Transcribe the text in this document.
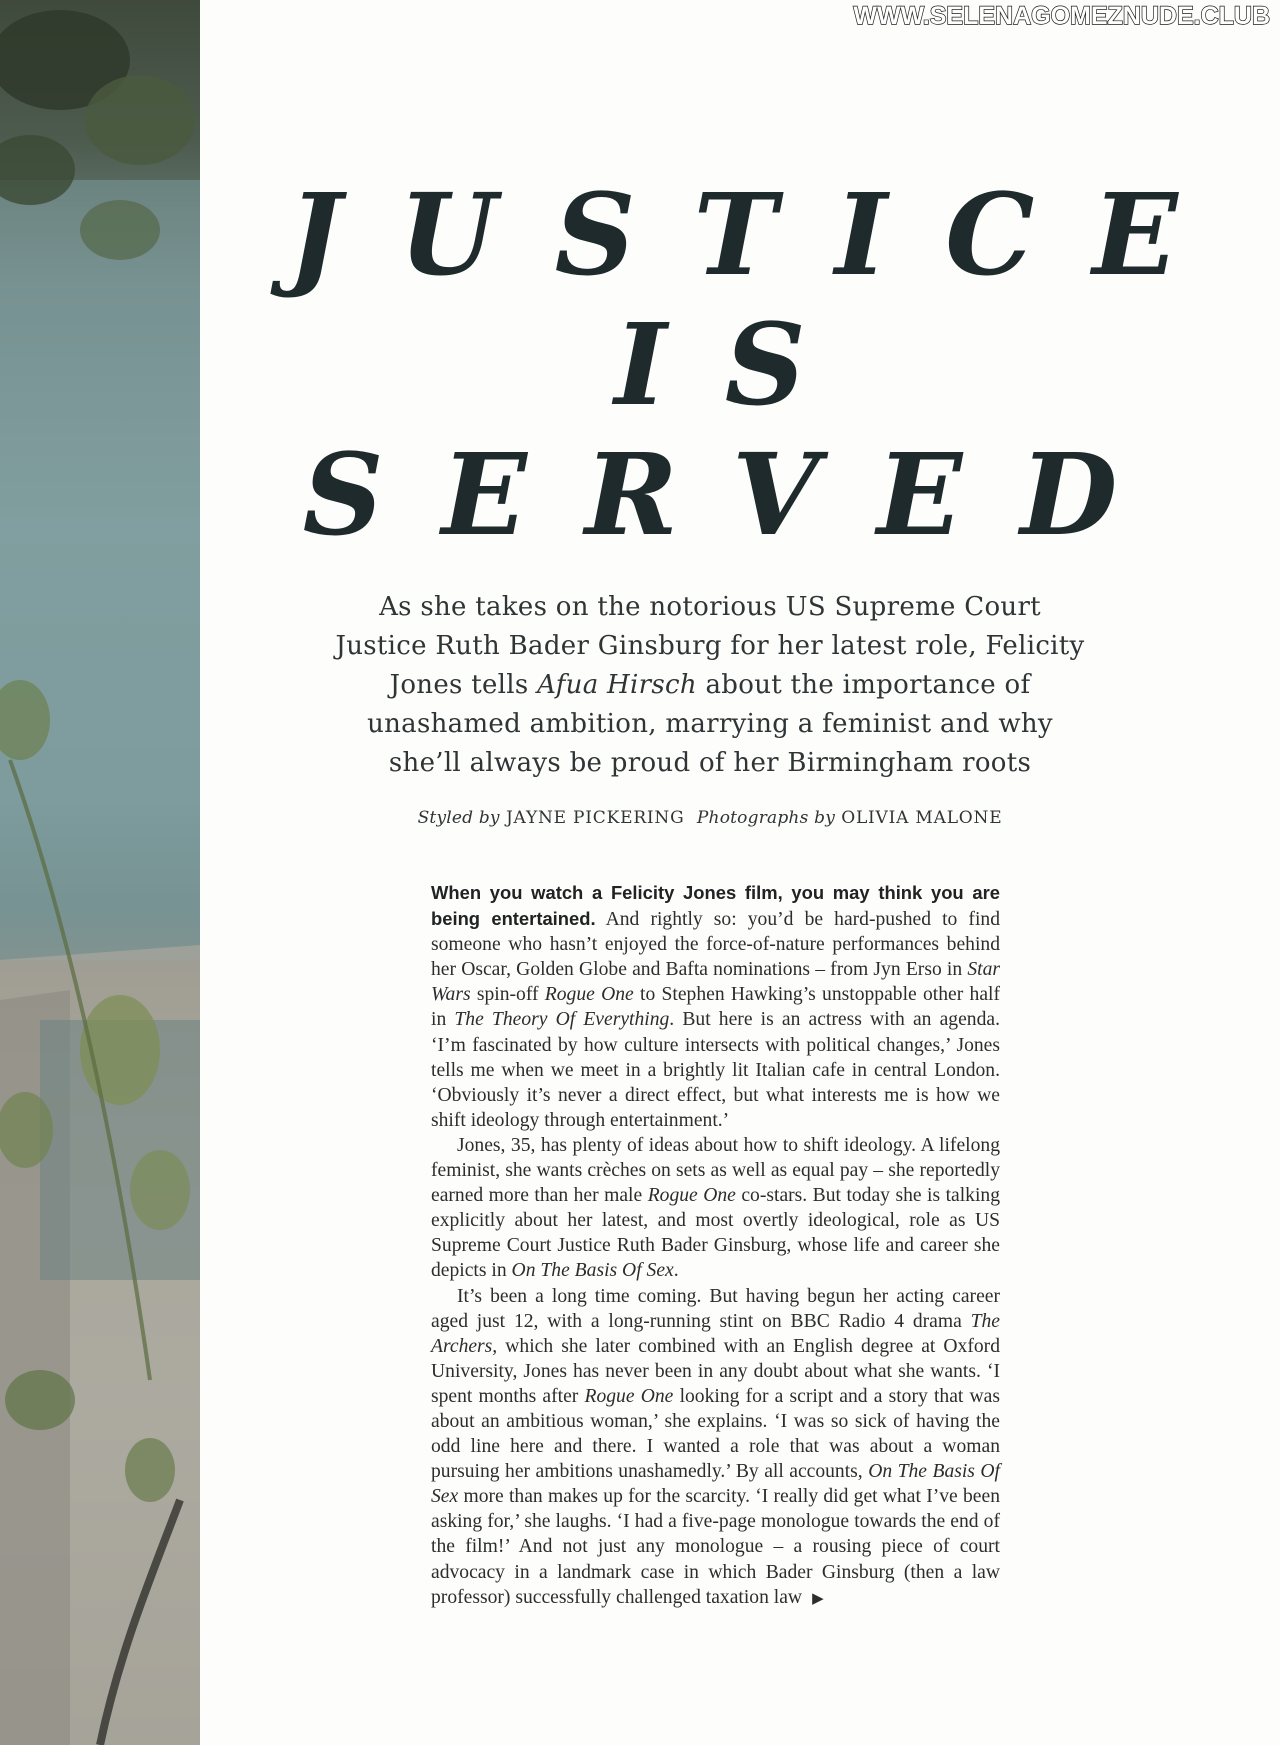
WWW.SELENAGOMEZNUDE.CLUB
JUSTICE
IS
SERVED

As she takes on the notorious US Supreme Court Justice Ruth Bader Ginsburg for her latest role, Felicity Jones tells Afua Hirsch about the importance of unashamed ambition, marrying a feminist and why she’ll always be proud of her Birmingham roots

Styled by JAYNE PICKERING Photographs by OLIVIA MALONE

When you watch a Felicity Jones film, you may think you are being entertained. And rightly so: you’d be hard-pushed to find someone who hasn’t enjoyed the force-of-nature performances behind her Oscar, Golden Globe and Bafta nominations – from Jyn Erso in Star Wars spin-off Rogue One to Stephen Hawking’s unstoppable other half in The Theory Of Everything. But here is an actress with an agenda. ‘I’m fascinated by how culture intersects with political changes,’ Jones tells me when we meet in a brightly lit Italian cafe in central London. ‘Obviously it’s never a direct effect, but what interests me is how we shift ideology through entertainment.’

Jones, 35, has plenty of ideas about how to shift ideology. A lifelong feminist, she wants crèches on sets as well as equal pay – she reportedly earned more than her male Rogue One co-stars. But today she is talking explicitly about her latest, and most overtly ideological, role as US Supreme Court Justice Ruth Bader Ginsburg, whose life and career she depicts in On The Basis Of Sex.

It’s been a long time coming. But having begun her acting career aged just 12, with a long-running stint on BBC Radio 4 drama The Archers, which she later combined with an English degree at Oxford University, Jones has never been in any doubt about what she wants. ‘I spent months after Rogue One looking for a script and a story that was about an ambitious woman,’ she explains. ‘I was so sick of having the odd line here and there. I wanted a role that was about a woman pursuing her ambitions unashamedly.’ By all accounts, On The Basis Of Sex more than makes up for the scarcity. ‘I really did get what I’ve been asking for,’ she laughs. ‘I had a five-page monologue towards the end of the film!’ And not just any monologue – a rousing piece of court advocacy in a landmark case in which Bader Ginsburg (then a law professor) successfully challenged taxation law ▶
